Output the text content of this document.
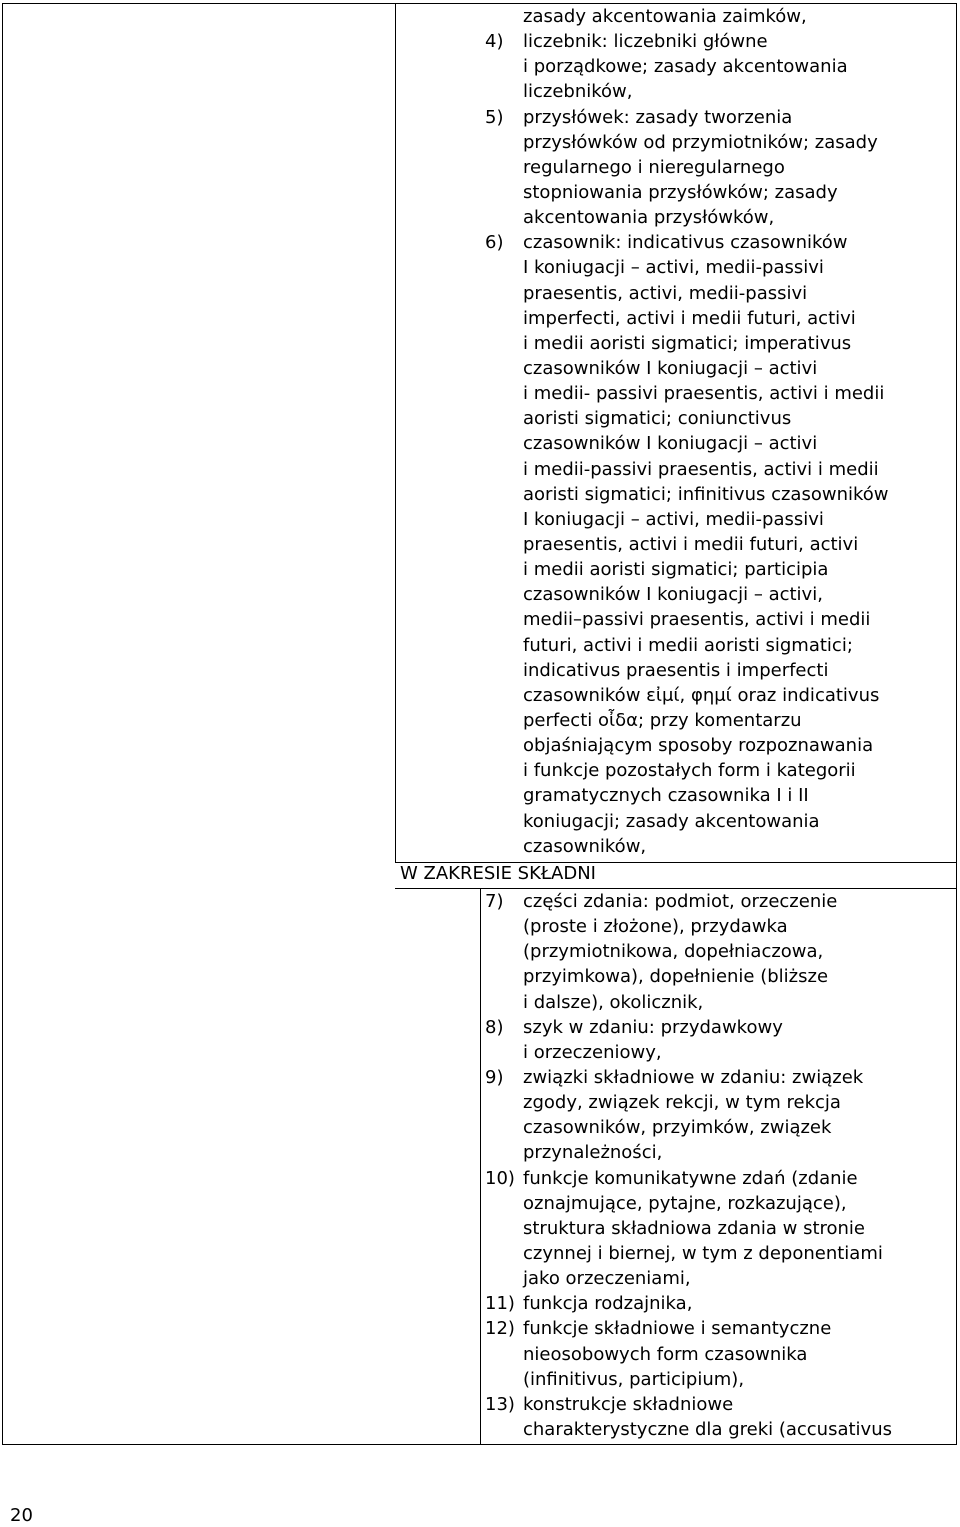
zasady akcentowania zaimków,
4) liczebnik: liczebniki główne
i porządkowe; zasady akcentowania
liczebników,
5) przysłówek: zasady tworzenia
przysłówków od przymiotników; zasady
regularnego i nieregularnego
stopniowania przysłówków; zasady
akcentowania przysłówków,
6) czasownik: indicativus czasowników
I koniugacji – activi, medii-passivi
praesentis, activi, medii-passivi
imperfecti, activi i medii futuri, activi
i medii aoristi sigmatici; imperativus
czasowników I koniugacji – activi
i medii- passivi praesentis, activi i medii
aoristi sigmatici; coniunctivus
czasowników I koniugacji – activi
i medii-passivi praesentis, activi i medii
aoristi sigmatici; infinitivus czasowników
I koniugacji – activi, medii-passivi
praesentis, activi i medii futuri, activi
i medii aoristi sigmatici; participia
czasowników I koniugacji – activi,
medii–passivi praesentis, activi i medii
futuri, activi i medii aoristi sigmatici;
indicativus praesentis i imperfecti
czasowników εἰμί, φημί oraz indicativus
perfecti οἶδα; przy komentarzu
objaśniającym sposoby rozpoznawania
i funkcje pozostałych form i kategorii
gramatycznych czasownika I i II
koniugacji; zasady akcentowania
czasowników,
W ZAKRESIE SKŁADNI
7) części zdania: podmiot, orzeczenie
(proste i złożone), przydawka
(przymiotnikowa, dopełniaczowa,
przyimkowa), dopełnienie (bliższe
i dalsze), okolicznik,
8) szyk w zdaniu: przydawkowy
i orzeczeniowy,
9) związki składniowe w zdaniu: związek
zgody, związek rekcji, w tym rekcja
czasowników, przyimków, związek
przynależności,
10) funkcje komunikatywne zdań (zdanie
oznajmujące, pytajne, rozkazujące),
struktura składniowa zdania w stronie
czynnej i biernej, w tym z deponentiami
jako orzeczeniami,
11) funkcja rodzajnika,
12) funkcje składniowe i semantyczne
nieosobowych form czasownika
(infinitivus, participium),
13) konstrukcje składniowe
charakterystyczne dla greki (accusativus
20
